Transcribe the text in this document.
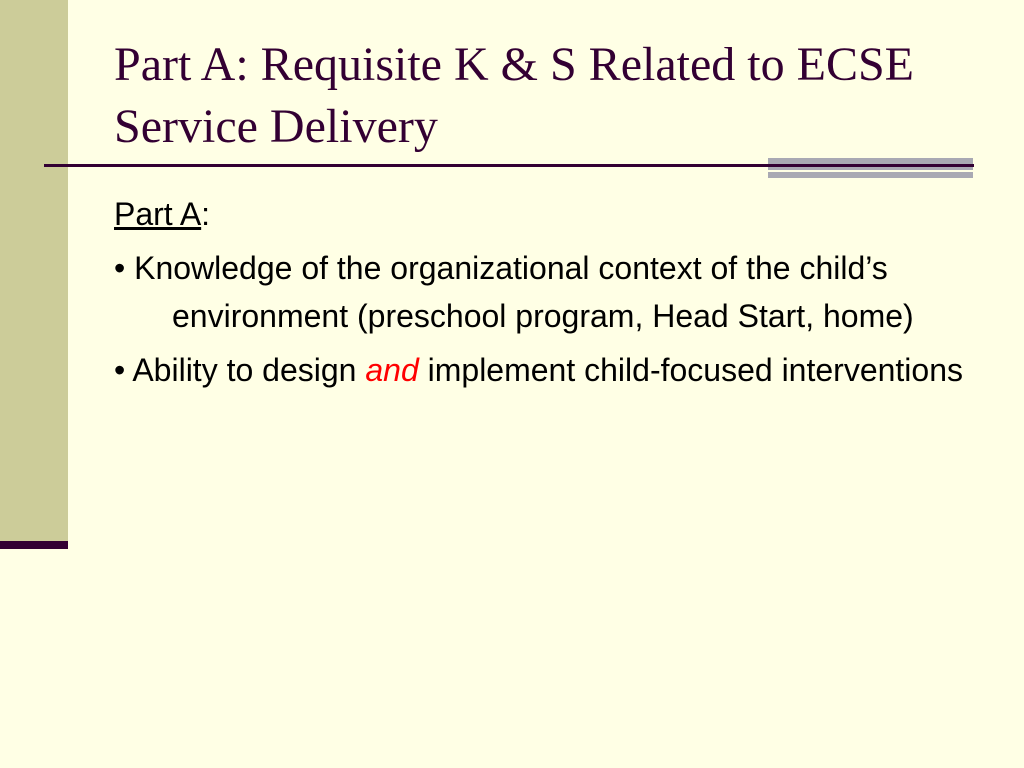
Part A: Requisite K & S Related to ECSE Service Delivery

Part A:

• Knowledge of the organizational context of the child’s environment (preschool program, Head Start, home)

• Ability to design and implement child-focused interventions
